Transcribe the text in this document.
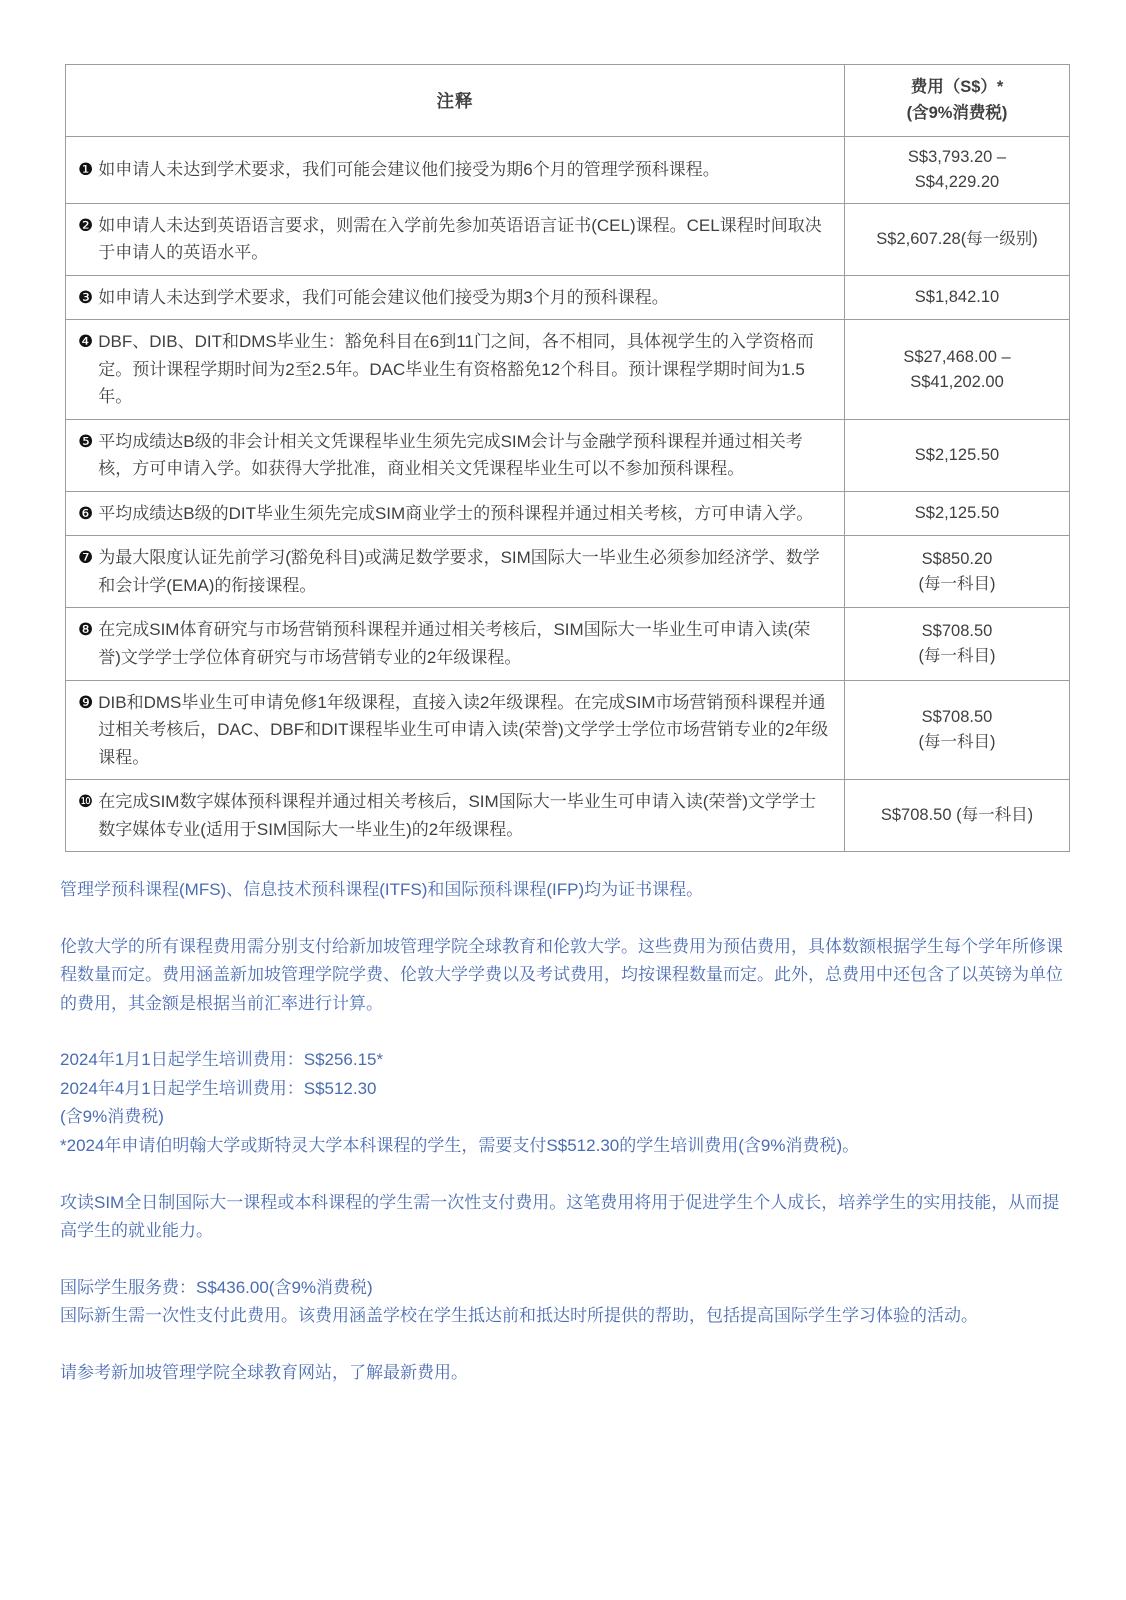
注释	费用（S$）*
(含9%消费税)

❶ 如申请人未达到学术要求，我们可能会建议他们接受为期6个月的管理学预科课程。	S$3,793.20 –
S$4,229.20

❷ 如申请人未达到英语语言要求，则需在入学前先参加英语语言证书(CEL)课程。CEL课程时间取决于申请人的英语水平。	S$2,607.28(每一级别)

❸ 如申请人未达到学术要求，我们可能会建议他们接受为期3个月的预科课程。	S$1,842.10

❹ DBF、DIB、DIT和DMS毕业生：豁免科目在6到11门之间，各不相同，具体视学生的入学资格而定。预计课程学期时间为2至2.5年。DAC毕业生有资格豁免12个科目。预计课程学期时间为1.5年。	S$27,468.00 –
S$41,202.00

❺ 平均成绩达B级的非会计相关文凭课程毕业生须先完成SIM会计与金融学预科课程并通过相关考核，方可申请入学。如获得大学批准，商业相关文凭课程毕业生可以不参加预科课程。	S$2,125.50

❻ 平均成绩达B级的DIT毕业生须先完成SIM商业学士的预科课程并通过相关考核，方可申请入学。	S$2,125.50

❼ 为最大限度认证先前学习(豁免科目)或满足数学要求，SIM国际大一毕业生必须参加经济学、数学和会计学(EMA)的衔接课程。	S$850.20
(每一科目)

❽ 在完成SIM体育研究与市场营销预科课程并通过相关考核后，SIM国际大一毕业生可申请入读(荣誉)文学学士学位体育研究与市场营销专业的2年级课程。	S$708.50
(每一科目)

❾ DIB和DMS毕业生可申请免修1年级课程，直接入读2年级课程。在完成SIM市场营销预科课程并通过相关考核后，DAC、DBF和DIT课程毕业生可申请入读(荣誉)文学学士学位市场营销专业的2年级课程。	S$708.50
(每一科目)

❿ 在完成SIM数字媒体预科课程并通过相关考核后，SIM国际大一毕业生可申请入读(荣誉)文学学士数字媒体专业(适用于SIM国际大一毕业生)的2年级课程。	S$708.50 (每一科目)

管理学预科课程(MFS)、信息技术预科课程(ITFS)和国际预科课程(IFP)均为证书课程。

伦敦大学的所有课程费用需分别支付给新加坡管理学院全球教育和伦敦大学。这些费用为预估费用，具体数额根据学生每个学年所修课程数量而定。费用涵盖新加坡管理学院学费、伦敦大学学费以及考试费用，均按课程数量而定。此外，总费用中还包含了以英镑为单位的费用，其金额是根据当前汇率进行计算。

2024年1月1日起学生培训费用：S$256.15*
2024年4月1日起学生培训费用：S$512.30
(含9%消费税)
*2024年申请伯明翰大学或斯特灵大学本科课程的学生，需要支付S$512.30的学生培训费用(含9%消费税)。

攻读SIM全日制国际大一课程或本科课程的学生需一次性支付费用。这笔费用将用于促进学生个人成长，培养学生的实用技能，从而提高学生的就业能力。

国际学生服务费：S$436.00(含9%消费税)
国际新生需一次性支付此费用。该费用涵盖学校在学生抵达前和抵达时所提供的帮助，包括提高国际学生学习体验的活动。

请参考新加坡管理学院全球教育网站，了解最新费用。
